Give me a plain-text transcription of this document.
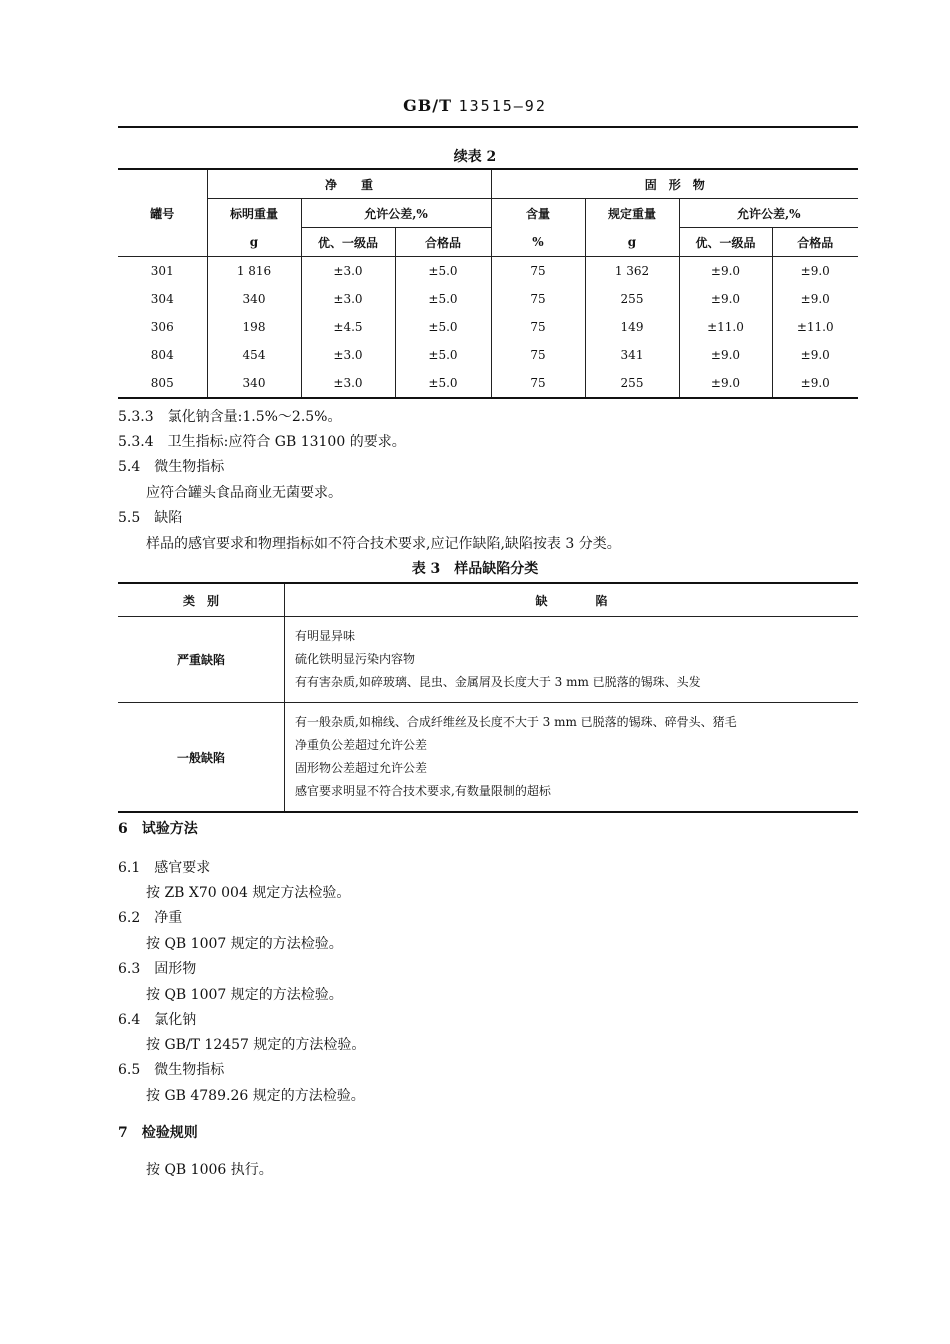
GB/T 13515—92
续表 2
罐号	净　　重			固　形　物			
	标明重量	允许公差,%		含量	规定重量	允许公差,%	
	g	优、一级品	合格品	%	g	优、一级品	合格品
301	1 816	±3.0	±5.0	75	1 362	±9.0	±9.0
304	340	±3.0	±5.0	75	255	±9.0	±9.0
306	198	±4.5	±5.0	75	149	±11.0	±11.0
804	454	±3.0	±5.0	75	341	±9.0	±9.0
805	340	±3.0	±5.0	75	255	±9.0	±9.0
5.3.3　氯化钠含量:1.5%～2.5%。
5.3.4　卫生指标:应符合 GB 13100 的要求。
5.4　微生物指标
应符合罐头食品商业无菌要求。
5.5　缺陷
样品的感官要求和物理指标如不符合技术要求,应记作缺陷,缺陷按表 3 分类。
表 3　样品缺陷分类
类　别	缺　　　　陷
严重缺陷	有明显异味
硫化铁明显污染内容物
有有害杂质,如碎玻璃、昆虫、金属屑及长度大于 3 mm 已脱落的锡珠、头发

一般缺陷	有一般杂质,如棉线、合成纤维丝及长度不大于 3 mm 已脱落的锡珠、碎骨头、猪毛
净重负公差超过允许公差
固形物公差超过允许公差
感官要求明显不符合技术要求,有数量限制的超标
6　试验方法
6.1　感官要求
按 ZB X70 004 规定方法检验。
6.2　净重
按 QB 1007 规定的方法检验。
6.3　固形物
按 QB 1007 规定的方法检验。
6.4　氯化钠
按 GB/T 12457 规定的方法检验。
6.5　微生物指标
按 GB 4789.26 规定的方法检验。
7　检验规则
按 QB 1006 执行。
